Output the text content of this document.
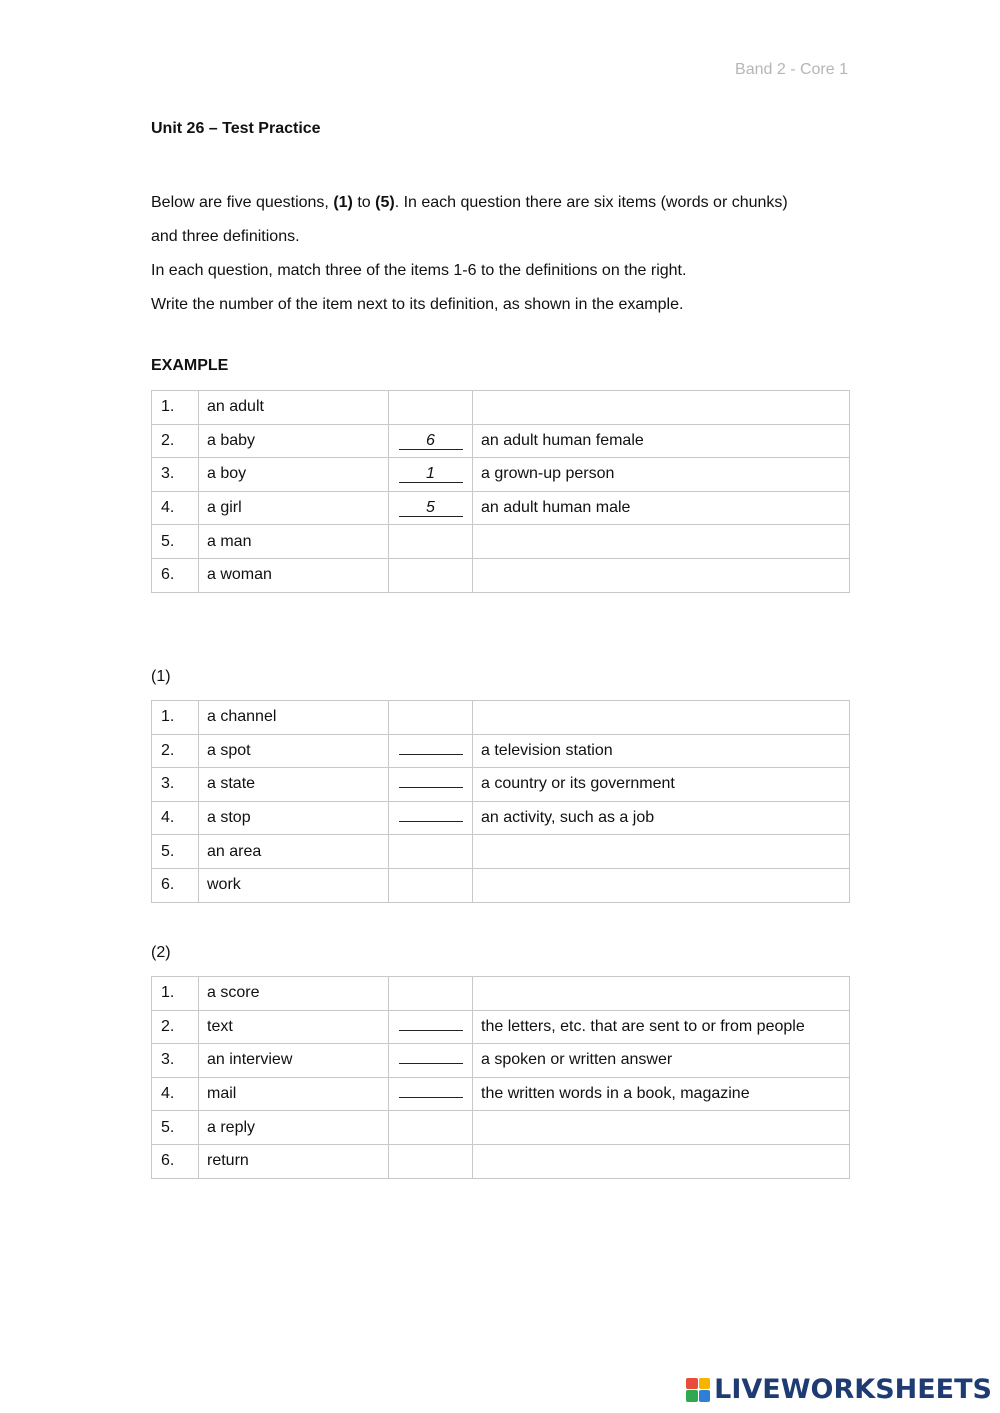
Band 2 - Core 1
Unit 26 – Test Practice

Below are five questions, (1) to (5). In each question there are six items (words or chunks)

and three definitions.

In each question, match three of the items 1-6 to the definitions on the right.

Write the number of the item next to its definition, as shown in the example.

EXAMPLE
1.	an adult		
2.	a baby	6	an adult human female
3.	a boy	1	a grown-up person
4.	a girl	5	an adult human male
5.	a man		
6.	a woman		
(1)
1.	a channel		
2.	a spot		a television station
3.	a state		a country or its government
4.	a stop		an activity, such as a job
5.	an area		
6.	work		
(2)
1.	a score		
2.	text		the letters, etc. that are sent to or from people
3.	an interview		a spoken or written answer
4.	mail		the written words in a book, magazine
5.	a reply		
6.	return		
LIVEWORKSHEETS
